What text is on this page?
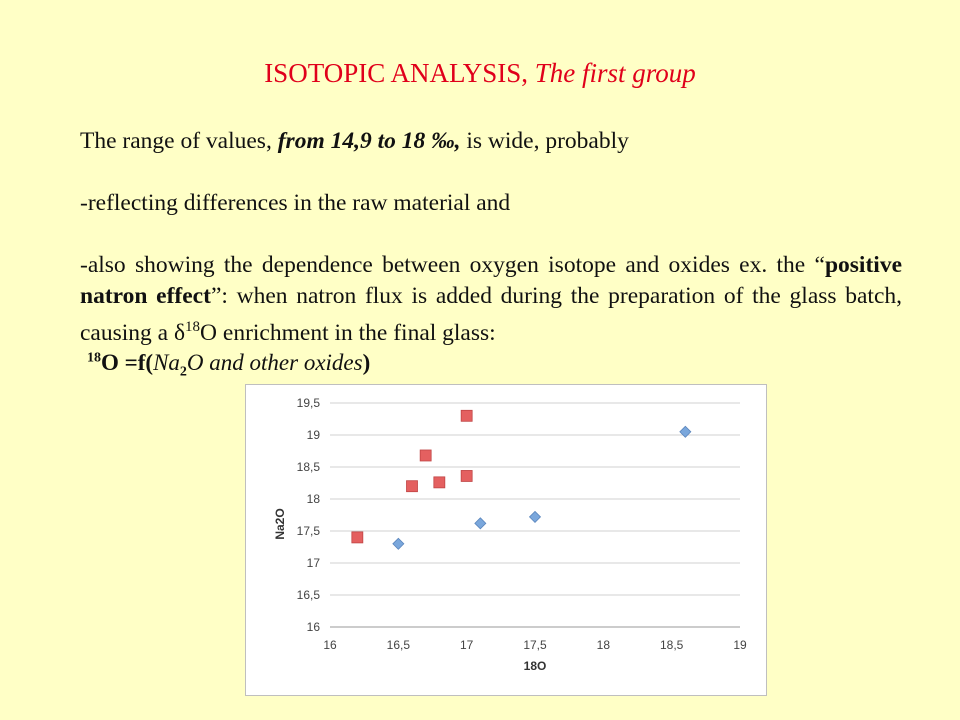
ISOTOPIC ANALYSIS, The first group

The range of values, from 14,9 to 18 ‰, is wide, probably

-reflecting differences in the raw material and

-also showing the dependence between oxygen isotope and oxides ex. the “positive natron effect”: when natron flux is added during the preparation of the glass batch, causing a $\delta^{18}O$ enrichment in the final glass:

$^{18}O =f(Na_2O$ and other oxides)
16
16,5
17
17,5
18
18,5
19
19,5
16	16,5	17	17,5	18	18,5	19
18O
Na2O
